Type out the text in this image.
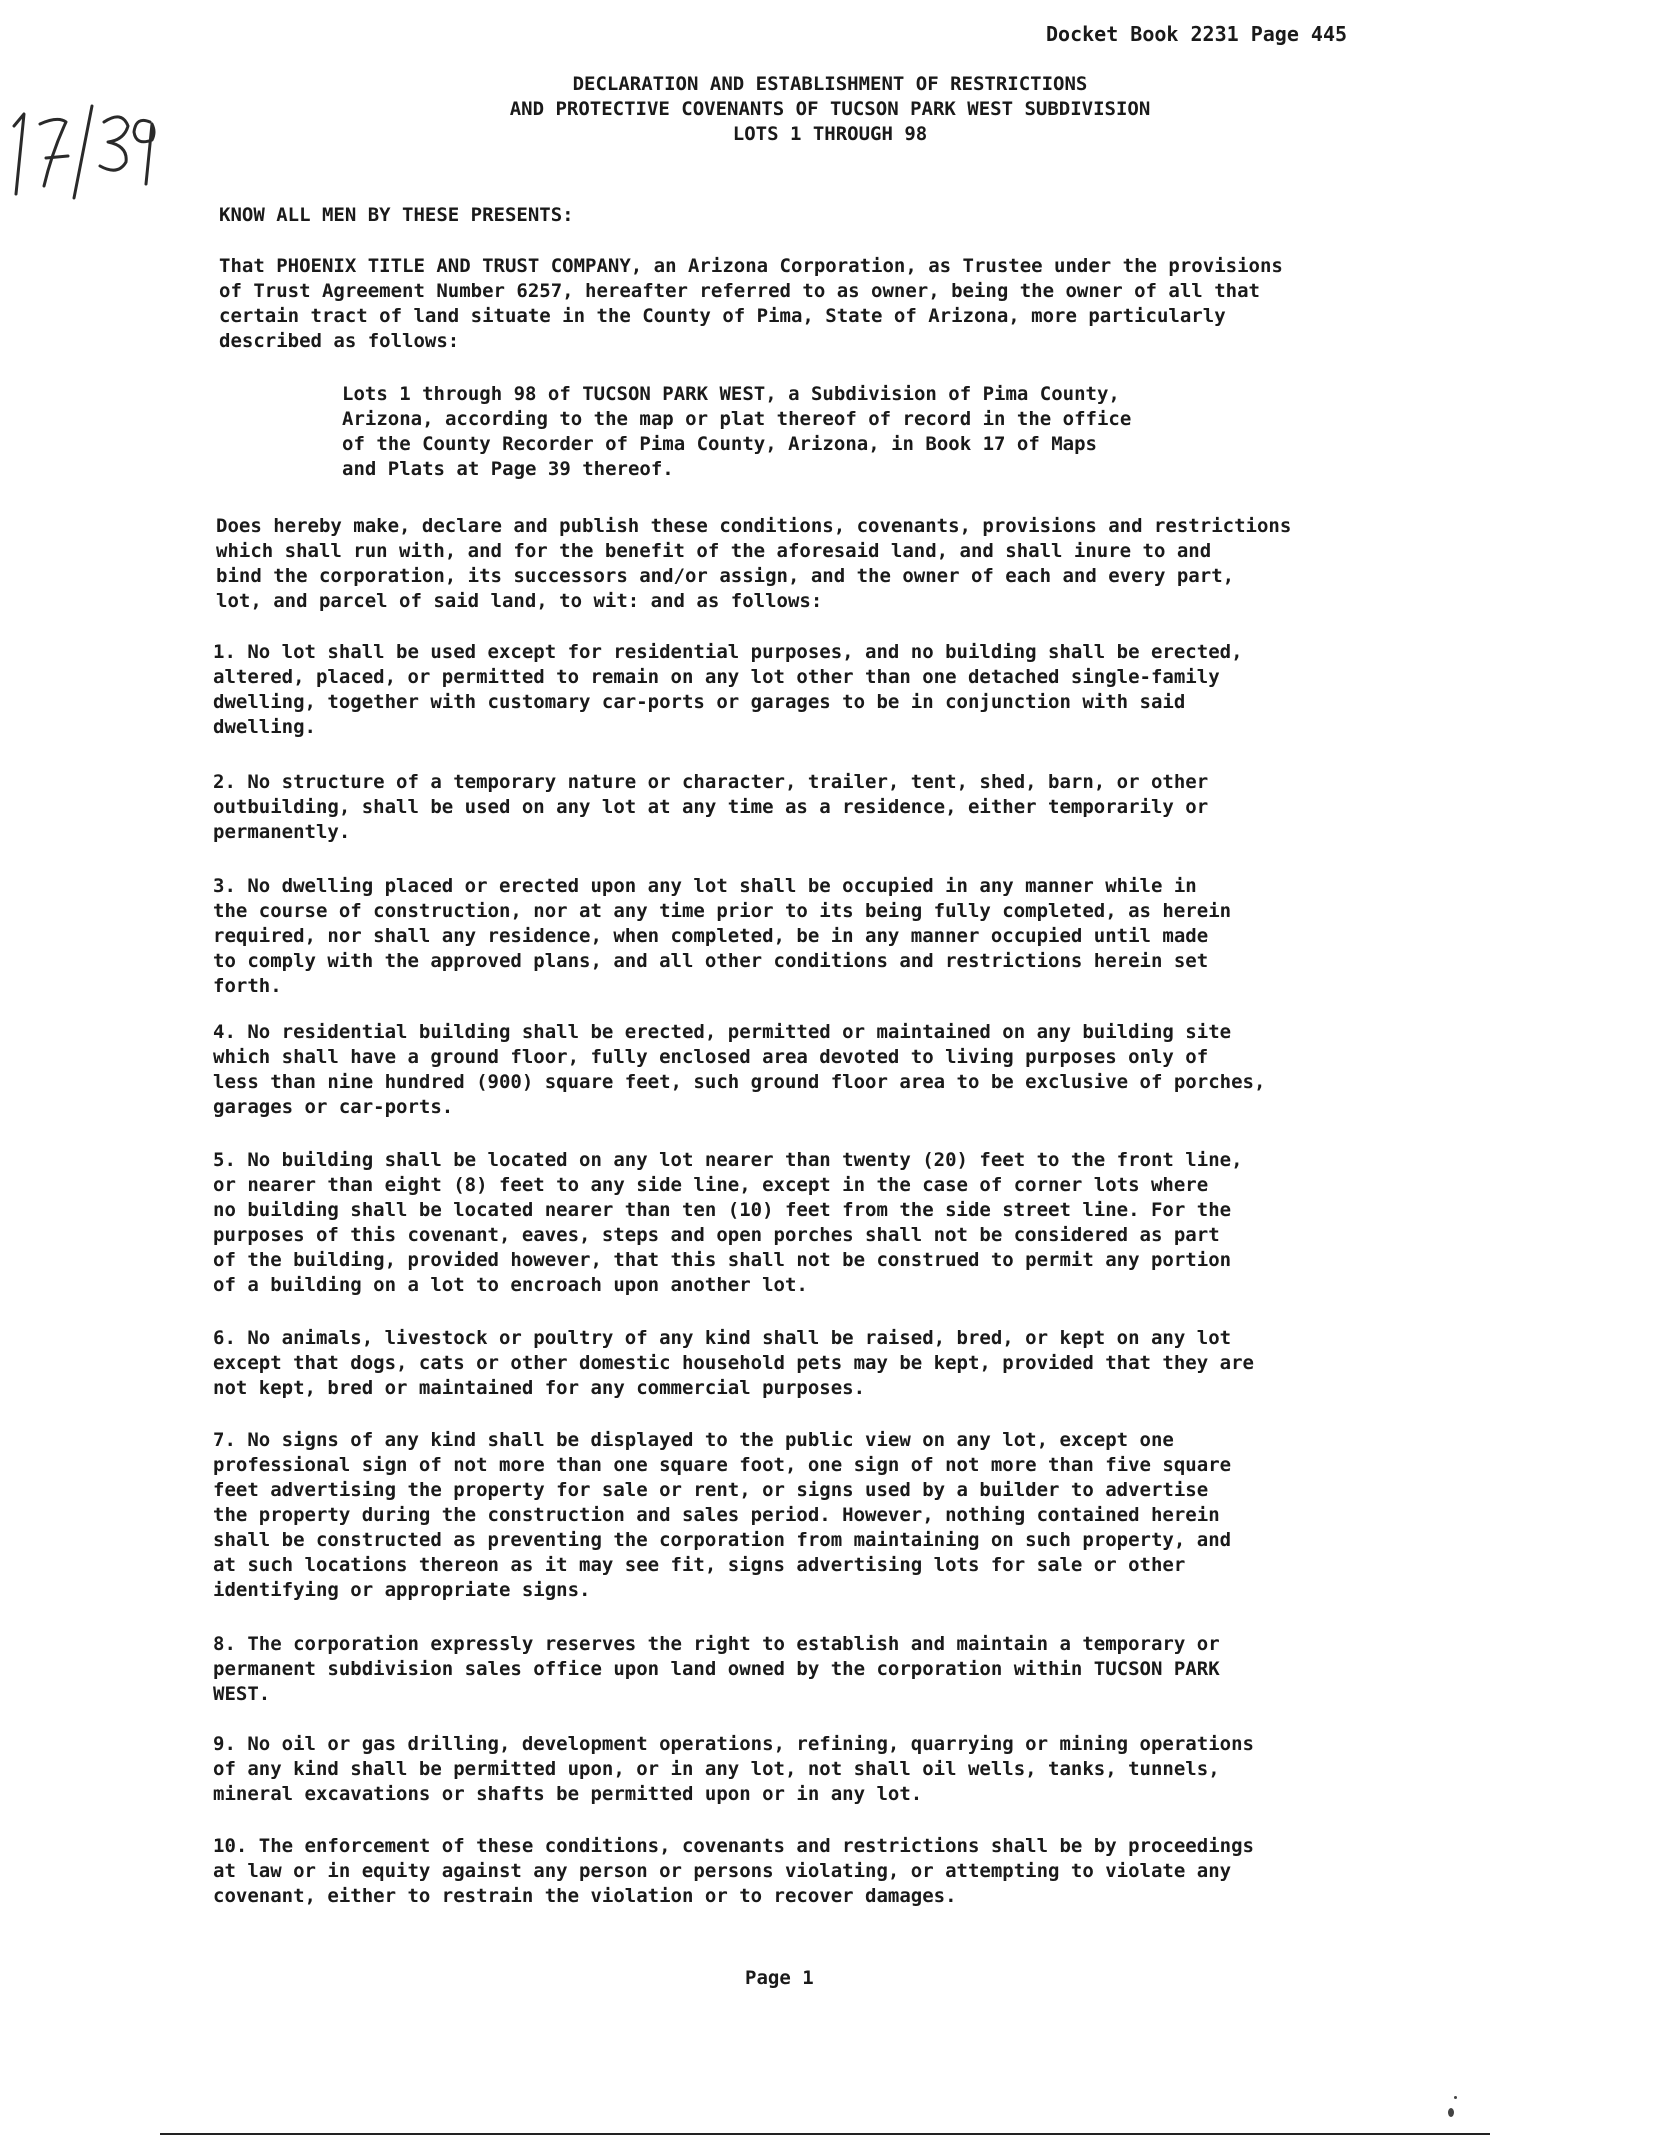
Docket Book 2231 Page 445
DECLARATION AND ESTABLISHMENT OF RESTRICTIONS
AND PROTECTIVE COVENANTS OF TUCSON PARK WEST SUBDIVISION
LOTS 1 THROUGH 98
KNOW ALL MEN BY THESE PRESENTS:
That PHOENIX TITLE AND TRUST COMPANY, an Arizona Corporation, as Trustee under the provisions
of Trust Agreement Number 6257, hereafter referred to as owner, being the owner of all that
certain tract of land situate in the County of Pima, State of Arizona, more particularly
described as follows:
Lots 1 through 98 of TUCSON PARK WEST, a Subdivision of Pima County,
Arizona, according to the map or plat thereof of record in the office
of the County Recorder of Pima County, Arizona, in Book 17 of Maps
and Plats at Page 39 thereof.
Does hereby make, declare and publish these conditions, covenants, provisions and restrictions
which shall run with, and for the benefit of the aforesaid land, and shall inure to and
bind the corporation, its successors and/or assign, and the owner of each and every part,
lot, and parcel of said land, to wit: and as follows:
1. No lot shall be used except for residential purposes, and no building shall be erected,
altered, placed, or permitted to remain on any lot other than one detached single-family
dwelling, together with customary car-ports or garages to be in conjunction with said
dwelling.
2. No structure of a temporary nature or character, trailer, tent, shed, barn, or other
outbuilding, shall be used on any lot at any time as a residence, either temporarily or
permanently.
3. No dwelling placed or erected upon any lot shall be occupied in any manner while in
the course of construction, nor at any time prior to its being fully completed, as herein
required, nor shall any residence, when completed, be in any manner occupied until made
to comply with the approved plans, and all other conditions and restrictions herein set
forth.
4. No residential building shall be erected, permitted or maintained on any building site
which shall have a ground floor, fully enclosed area devoted to living purposes only of
less than nine hundred (900) square feet, such ground floor area to be exclusive of porches,
garages or car-ports.
5. No building shall be located on any lot nearer than twenty (20) feet to the front line,
or nearer than eight (8) feet to any side line, except in the case of corner lots where
no building shall be located nearer than ten (10) feet from the side street line. For the
purposes of this covenant, eaves, steps and open porches shall not be considered as part
of the building, provided however, that this shall not be construed to permit any portion
of a building on a lot to encroach upon another lot.
6. No animals, livestock or poultry of any kind shall be raised, bred, or kept on any lot
except that dogs, cats or other domestic household pets may be kept, provided that they are
not kept, bred or maintained for any commercial purposes.
7. No signs of any kind shall be displayed to the public view on any lot, except one
professional sign of not more than one square foot, one sign of not more than five square
feet advertising the property for sale or rent, or signs used by a builder to advertise
the property during the construction and sales period. However, nothing contained herein
shall be constructed as preventing the corporation from maintaining on such property, and
at such locations thereon as it may see fit, signs advertising lots for sale or other
identifying or appropriate signs.
8. The corporation expressly reserves the right to establish and maintain a temporary or
permanent subdivision sales office upon land owned by the corporation within TUCSON PARK
WEST.
9. No oil or gas drilling, development operations, refining, quarrying or mining operations
of any kind shall be permitted upon, or in any lot, not shall oil wells, tanks, tunnels,
mineral excavations or shafts be permitted upon or in any lot.
10. The enforcement of these conditions, covenants and restrictions shall be by proceedings
at law or in equity against any person or persons violating, or attempting to violate any
covenant, either to restrain the violation or to recover damages.
Page 1
